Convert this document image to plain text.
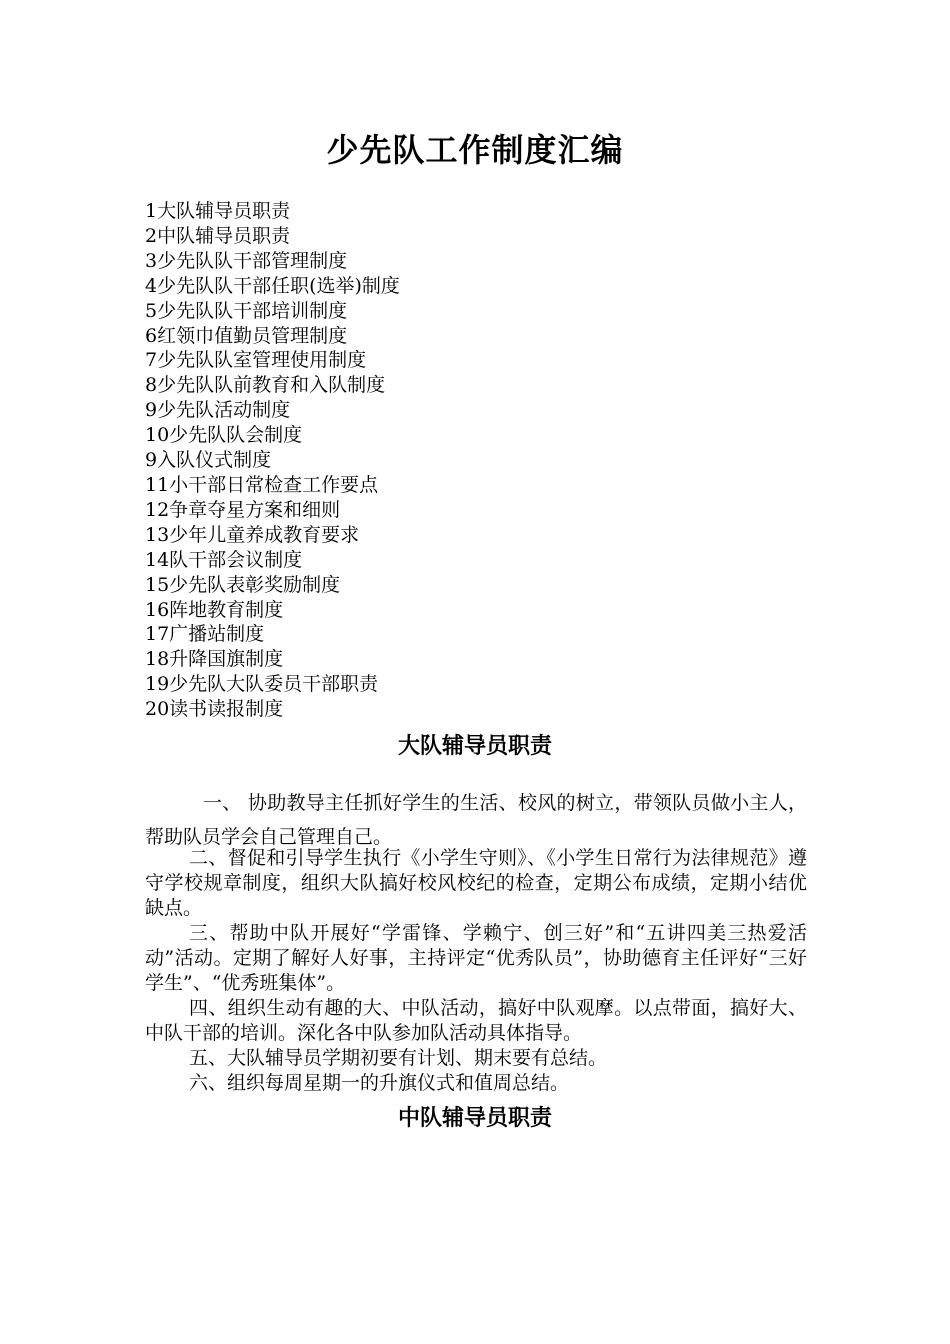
少先队工作制度汇编
1大队辅导员职责
2中队辅导员职责
3少先队队干部管理制度
4少先队队干部任职(选举)制度
5少先队队干部培训制度
6红领巾值勤员管理制度
7少先队队室管理使用制度
8少先队队前教育和入队制度
9少先队活动制度
10少先队队会制度
9入队仪式制度
11小干部日常检查工作要点
12争章夺星方案和细则
13少年儿童养成教育要求
14队干部会议制度
15少先队表彰奖励制度
16阵地教育制度
17广播站制度
18升降国旗制度
19少先队大队委员干部职责
20读书读报制度
大队辅导员职责
一、 协助教导主任抓好学生的生活、校风的树立，带领队员做小主人，帮助队员学会自己管理自己。

二、督促和引导学生执行《小学生守则》、《小学生日常行为法律规范》遵守学校规章制度，组织大队搞好校风校纪的检查，定期公布成绩，定期小结优缺点。

三、帮助中队开展好“学雷锋、学赖宁、创三好”和“五讲四美三热爱活动”活动。定期了解好人好事，主持评定“优秀队员”，协助德育主任评好“三好学生”、“优秀班集体”。

四、组织生动有趣的大、中队活动，搞好中队观摩。以点带面，搞好大、中队干部的培训。深化各中队参加队活动具体指导。

五、大队辅导员学期初要有计划、期末要有总结。

六、组织每周星期一的升旗仪式和值周总结。

中队辅导员职责
